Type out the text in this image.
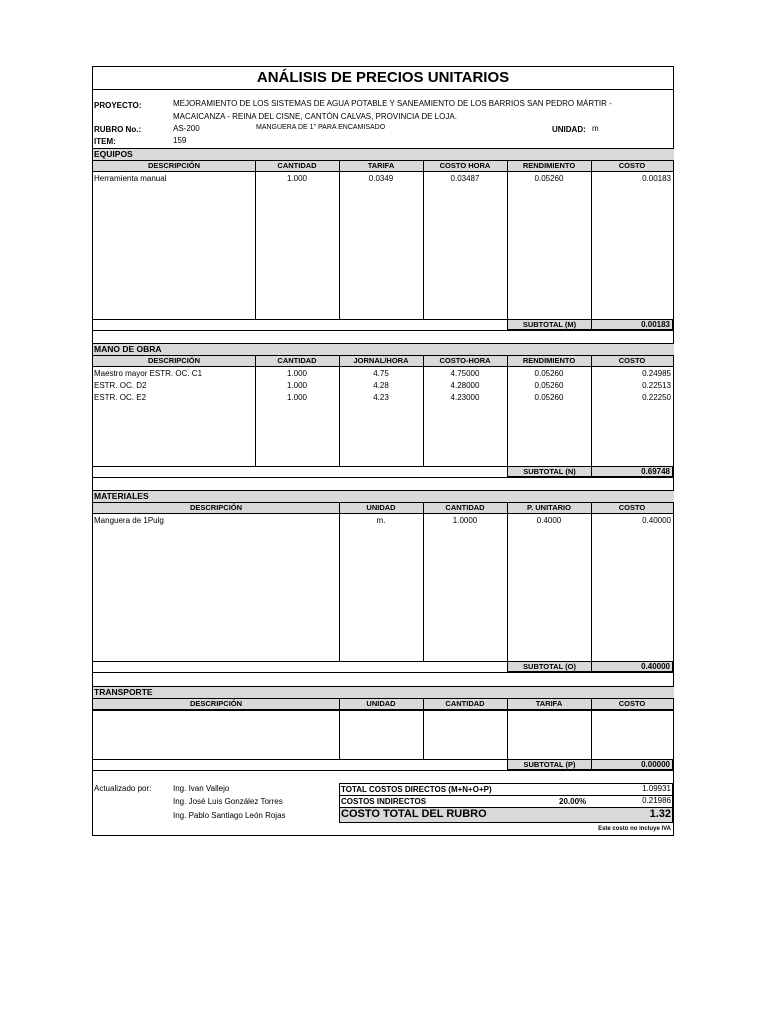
ANÁLISIS DE PRECIOS UNITARIOS
PROYECTO:	MEJORAMIENTO DE LOS SISTEMAS DE AGUA POTABLE Y SANEAMIENTO DE LOS BARRIOS SAN PEDRO MÁRTIR -
MACAICANZA - REINA DEL CISNE, CANTÓN CALVAS, PROVINCIA DE LOJA.
RUBRO No.:	AS-200	MANGUERA DE 1" PARA ENCAMISADO	UNIDAD: m
ITEM:	159
EQUIPOS
DESCRIPCIÓN	CANTIDAD	TARIFA	COSTO HORA	RENDIMIENTO	COSTO
Herramienta manual	1.000	0.0349	0.03487	0.05260	0.00183
SUBTOTAL (M)	0.00183
MANO DE OBRA
DESCRIPCIÓN	CANTIDAD	JORNAL/HORA	COSTO-HORA	RENDIMIENTO	COSTO
Maestro mayor ESTR. OC. C1	1.000	4.75	4.75000	0.05260	0.24985
ESTR. OC. D2	1.000	4.28	4.28000	0.05260	0.22513
ESTR. OC. E2	1.000	4.23	4.23000	0.05260	0.22250
SUBTOTAL (N)	0.69748
MATERIALES
DESCRIPCIÓN	UNIDAD	CANTIDAD	P. UNITARIO	COSTO
Manguera de 1Pulg	m.	1.0000	0.4000	0.40000
SUBTOTAL (O)	0.40000
TRANSPORTE
DESCRIPCIÓN	UNIDAD	CANTIDAD	TARIFA	COSTO
SUBTOTAL (P)	0.00000
Actualizado por:	Ing. Ivan Vallejo
Ing. José Luis González Torres
Ing. Pablo Santiago León Rojas
TOTAL COSTOS DIRECTOS (M+N+O+P)	1.09931
COSTOS INDIRECTOS	20.00%	0.21986
COSTO TOTAL DEL RUBRO	1.32
Este costo no incluye IVA
